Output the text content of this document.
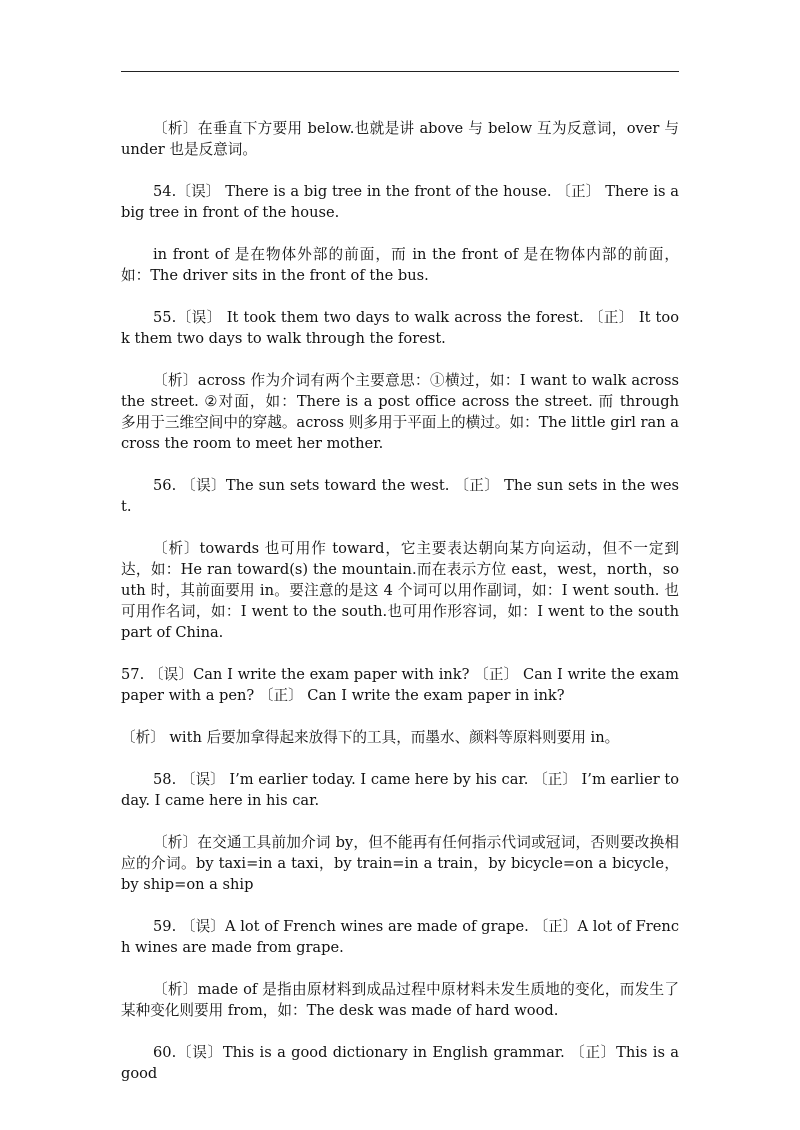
〔析〕在垂直下方要用 below.也就是讲 above 与 below 互为反意词，over 与 under 也是反意词。

54.〔误〕 There is a big tree in the front of the house. 〔正〕 There is a big tree in front of the house.

in front of 是在物体外部的前面，而 in the front of 是在物体内部的前面，如：The driver sits in the front of the bus.

55.〔误〕 It took them two days to walk across the forest. 〔正〕 It took them two days to walk through the forest.

〔析〕across 作为介词有两个主要意思：①横过，如：I want to walk across the street. ②对面，如：There is a post office across the street. 而 through 多用于三维空间中的穿越。across 则多用于平面上的横过。如：The little girl ran across the room to meet her mother.

56. 〔误〕The sun sets toward the west. 〔正〕 The sun sets in the west.

〔析〕towards 也可用作 toward，它主要表达朝向某方向运动，但不一定到达，如：He ran toward(s) the mountain.而在表示方位 east，west，north，south 时，其前面要用 in。要注意的是这 4 个词可以用作副词，如：I went south. 也可用作名词，如：I went to the south.也可用作形容词，如：I went to the south part of China.

57. 〔误〕Can I write the exam paper with ink? 〔正〕 Can I write the exam paper with a pen? 〔正〕 Can I write the exam paper in ink?

〔析〕 with 后要加拿得起来放得下的工具，而墨水、颜料等原料则要用 in。

58. 〔误〕 I’m earlier today. I came here by his car. 〔正〕 I’m earlier today. I came here in his car.

〔析〕在交通工具前加介词 by，但不能再有任何指示代词或冠词，否则要改换相应的介词。by taxi=in a taxi，by train=in a train，by bicycle=on a bicycle，by ship=on a ship

59. 〔误〕A lot of French wines are made of grape. 〔正〕A lot of French wines are made from grape.

〔析〕made of 是指由原材料到成品过程中原材料未发生质地的变化，而发生了某种变化则要用 from，如：The desk was made of hard wood.

60.〔误〕This is a good dictionary in English grammar. 〔正〕This is a good
